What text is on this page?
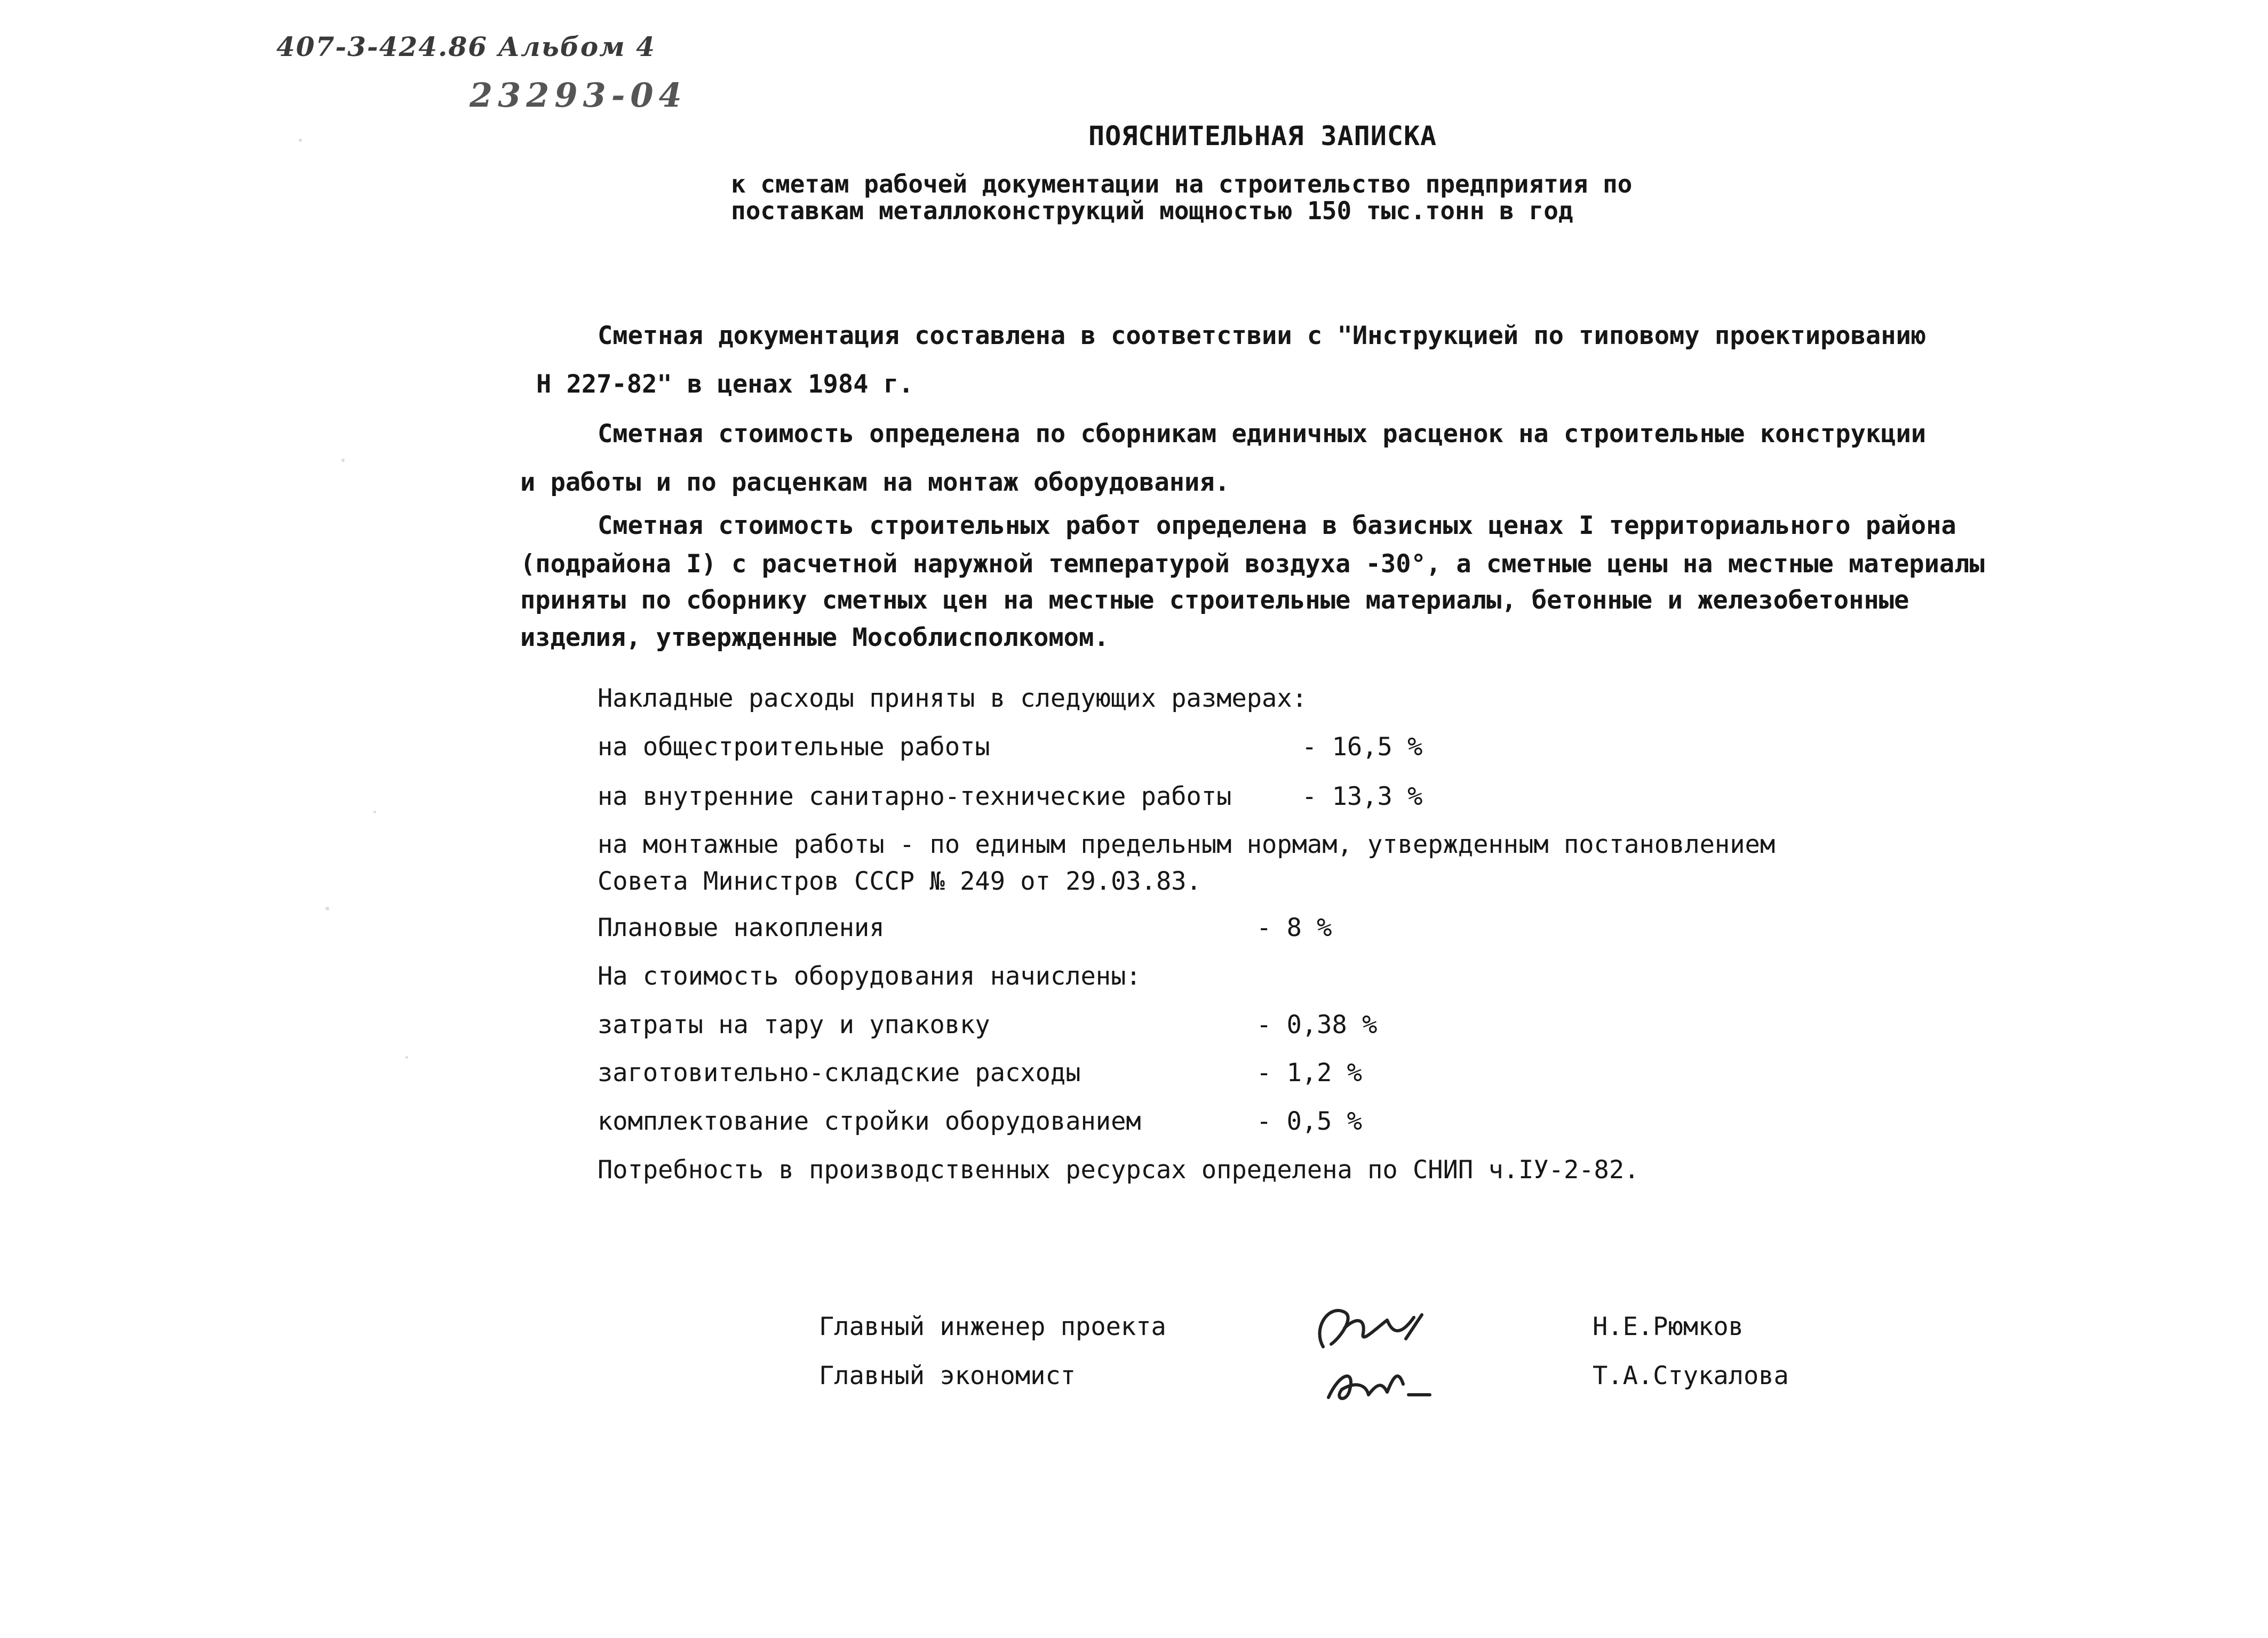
407-3-424.86 Альбом 4
23293-04
ПОЯСНИТЕЛЬНАЯ ЗАПИСКА
к сметам рабочей документации на строительство предприятия по
поставкам металлоконструкций мощностью 150 тыс.тонн в год
Сметная документация составлена в соответствии с "Инструкцией по типовому проектированию
Н 227-82" в ценах 1984 г.
Сметная стоимость определена по сборникам единичных расценок на строительные конструкции
и работы и по расценкам на монтаж оборудования.
Сметная стоимость строительных работ определена в базисных ценах I территориального района
(подрайона I) с расчетной наружной температурой воздуха -30°, а сметные цены на местные материалы
приняты по сборнику сметных цен на местные строительные материалы, бетонные и железобетонные
изделия, утвержденные Мособлисполкомом.
Накладные расходы приняты в следующих размерах:
на общестроительные работы	- 16,5 %
на внутренние санитарно-технические работы	- 13,3 %
на монтажные работы - по единым предельным нормам, утвержденным постановлением
Совета Министров СССР № 249 от 29.03.83.
Плановые накопления	- 8 %
На стоимость оборудования начислены:
затраты на тару и упаковку	- 0,38 %
заготовительно-складские расходы	- 1,2 %
комплектование стройки оборудованием	- 0,5 %
Потребность в производственных ресурсах определена по СНИП ч.IУ-2-82.
Главный инженер проекта	Н.Е.Рюмков
Главный экономист	Т.А.Стукалова
